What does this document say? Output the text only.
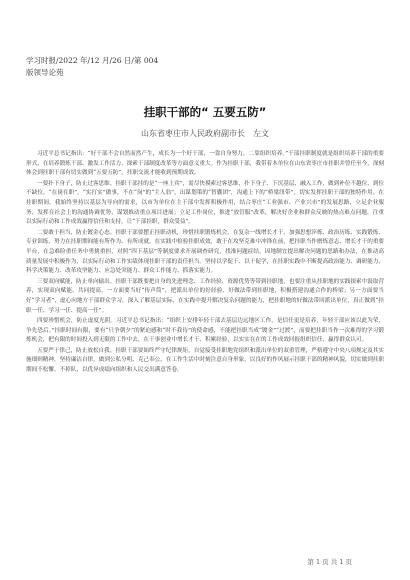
学习时报/2022 年/12 月/26 日/第 004
版领导论苑
挂职干部的“ 五要五防”
山东省枣庄市人民政府副市长　左文

习近平总书记指出：“好干部不会自然而然产生，成长为一个好干部，一靠自身努力，二靠组织培养。”干部挂职制度就是组织培养干部的重要形式，在培养锻炼干部、激发工作活力、探索干部制度改革等方面意义重大。作为挂职干部，我带着本单位在山东省枣庄市挂职并曾任至今，深刻体会到挂职干部有切实做到“五要五防”，挂职交流才能收到预期成效。

一要扑下身子，防止过客思维。挂职干部挂的是“一座上宾”，需尽快摸索过客思维，扑下身子、下沉基层、融入工作，做到补位不越位、到位不缺位，“在岗在职”，“实打实”做事，不在“岗”的“主人翁”，出谋划策的“智囊团”，沟通上下的“桥梁纽带”，切实发挥挂职干部的独特作用。在挂职期间，我始终坚持以基层为导向的需求，以市为单位在主干部中发挥积极作用，结合枣庄“工业强市、产业兴市”的发展思路，立足企业服务、发挥在社会上的沟通协调优势，谋划推动重点项目进展；立足工作岗位，推进“放管服”改革，解决好企业和群众反映的热点难点问题，注重以实际行动和工作成效赢得信任和支持，让“干部挂职，群众受益”。

二要敢于担当，防止镀金心态。挂职干部要摆正挂职动机，珍惜挂职锻炼机会，在复杂一线增长才干，加强思想淬炼、政治历练、实践锻炼、专业训练，努力在挂职期间能有所作为、有所成就。在实践中检验挂职成效，敢于在攻坚克难中冲锋在前，把挂职当作磨炼意志、增长才干的重要平台，在急难险重任务中勇挑重担，对照“四下基层”等制度要求开展调查研究，找准问题症结，因地制宜提出解决问题的思路和办法，在推动高质量发展中积极作为，以实际行动和工作实绩体现挂职干部的责任担当。坚持以学促干、以干促学，在挂职实践中不断提高政治能力、调研能力、科学决策能力、改革攻坚能力、应急处突能力、群众工作能力、抓落实能力。

三要双向赋能，防止单向输出。挂职干部既要把自身的先进理念、工作经验、资源优势等带到挂职地，也要注重从挂职地的实践探索中汲取营养，实现双向赋能、共同提高。一方面要当好“传声筒”，把派出单位的好经验、好做法带到挂职地，积极搭建沟通合作的桥梁；另一方面要当好“学习者”，虚心向地方干部群众学习，深入了解基层实际，在实践中提升解决复杂问题的能力，把挂职地的好做法带回派出单位，真正做到“挂职一任、学习一任、提高一任”。

四要珍惜机会，防止虚度光阴。习近平总书记指出：“组织上安排年轻干部去基层边远地区工作，是信任更是培养，年轻干部应该以此为荣，争先恐后。”挂职时间有限，要有“只争朝夕”的紧迫感和“时不我待”的使命感，不能把挂职当成“镀金”“过渡”，而要把挂职当作一次难得的学习锻炼机会，把有限的时间投入到无限的工作中去，在干事创业中增长才干、积累经验，以实实在在的工作成效回报组织信任、赢得群众认可。

五要严于律己，防止放松自我。挂职干部要始终严守纪律规矩，自觉接受挂职地党组织和派出单位的双重管理，严格遵守中央八项规定及其实施细则精神，坚持廉洁自律，做到公私分明、克己奉公，在工作生活中时刻注意自身形象，以良好的作风展示挂职干部的精神风貌，切实做到挂职期间不松懈、不掉队，以优异成绩向组织和人民交出满意答卷。

第 1 页 共 1 页
